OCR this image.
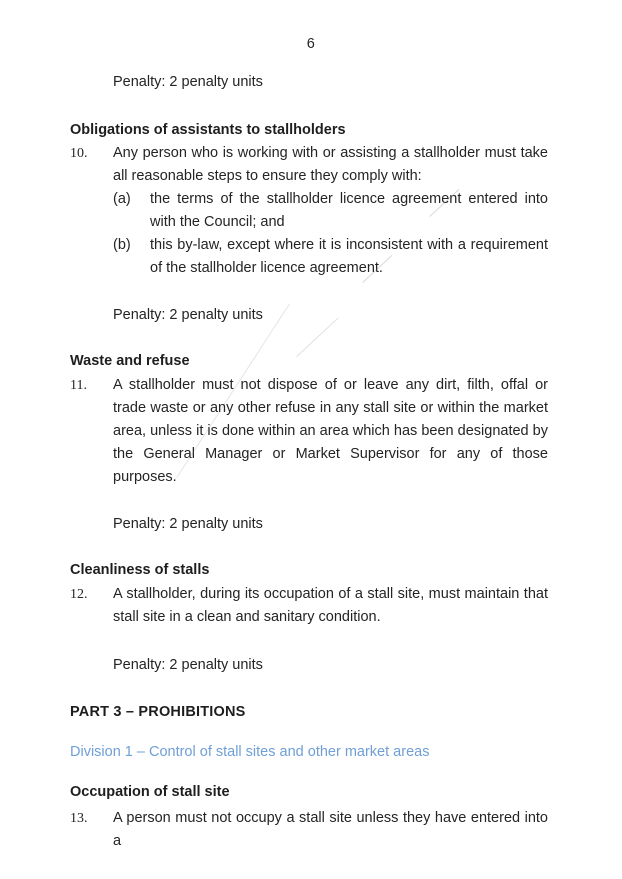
6
Penalty: 2 penalty units
Obligations of assistants to stallholders
10.	Any person who is working with or assisting a stallholder must take all reasonable steps to ensure they comply with:

(a)	the terms of the stallholder licence agreement entered into with the Council; and

(b)	this by-law, except where it is inconsistent with a requirement of the stallholder licence agreement.

Penalty: 2 penalty units
Waste and refuse
11.	A stallholder must not dispose of or leave any dirt, filth, offal or trade waste or any other refuse in any stall site or within the market area, unless it is done within an area which has been designated by the General Manager or Market Supervisor for any of those purposes.

Penalty: 2 penalty units
Cleanliness of stalls
12.	A stallholder, during its occupation of a stall site, must maintain that stall site in a clean and sanitary condition.

Penalty: 2 penalty units
PART 3 – PROHIBITIONS
Division 1 – Control of stall sites and other market areas
Occupation of stall site
13.	A person must not occupy a stall site unless they have entered into a
